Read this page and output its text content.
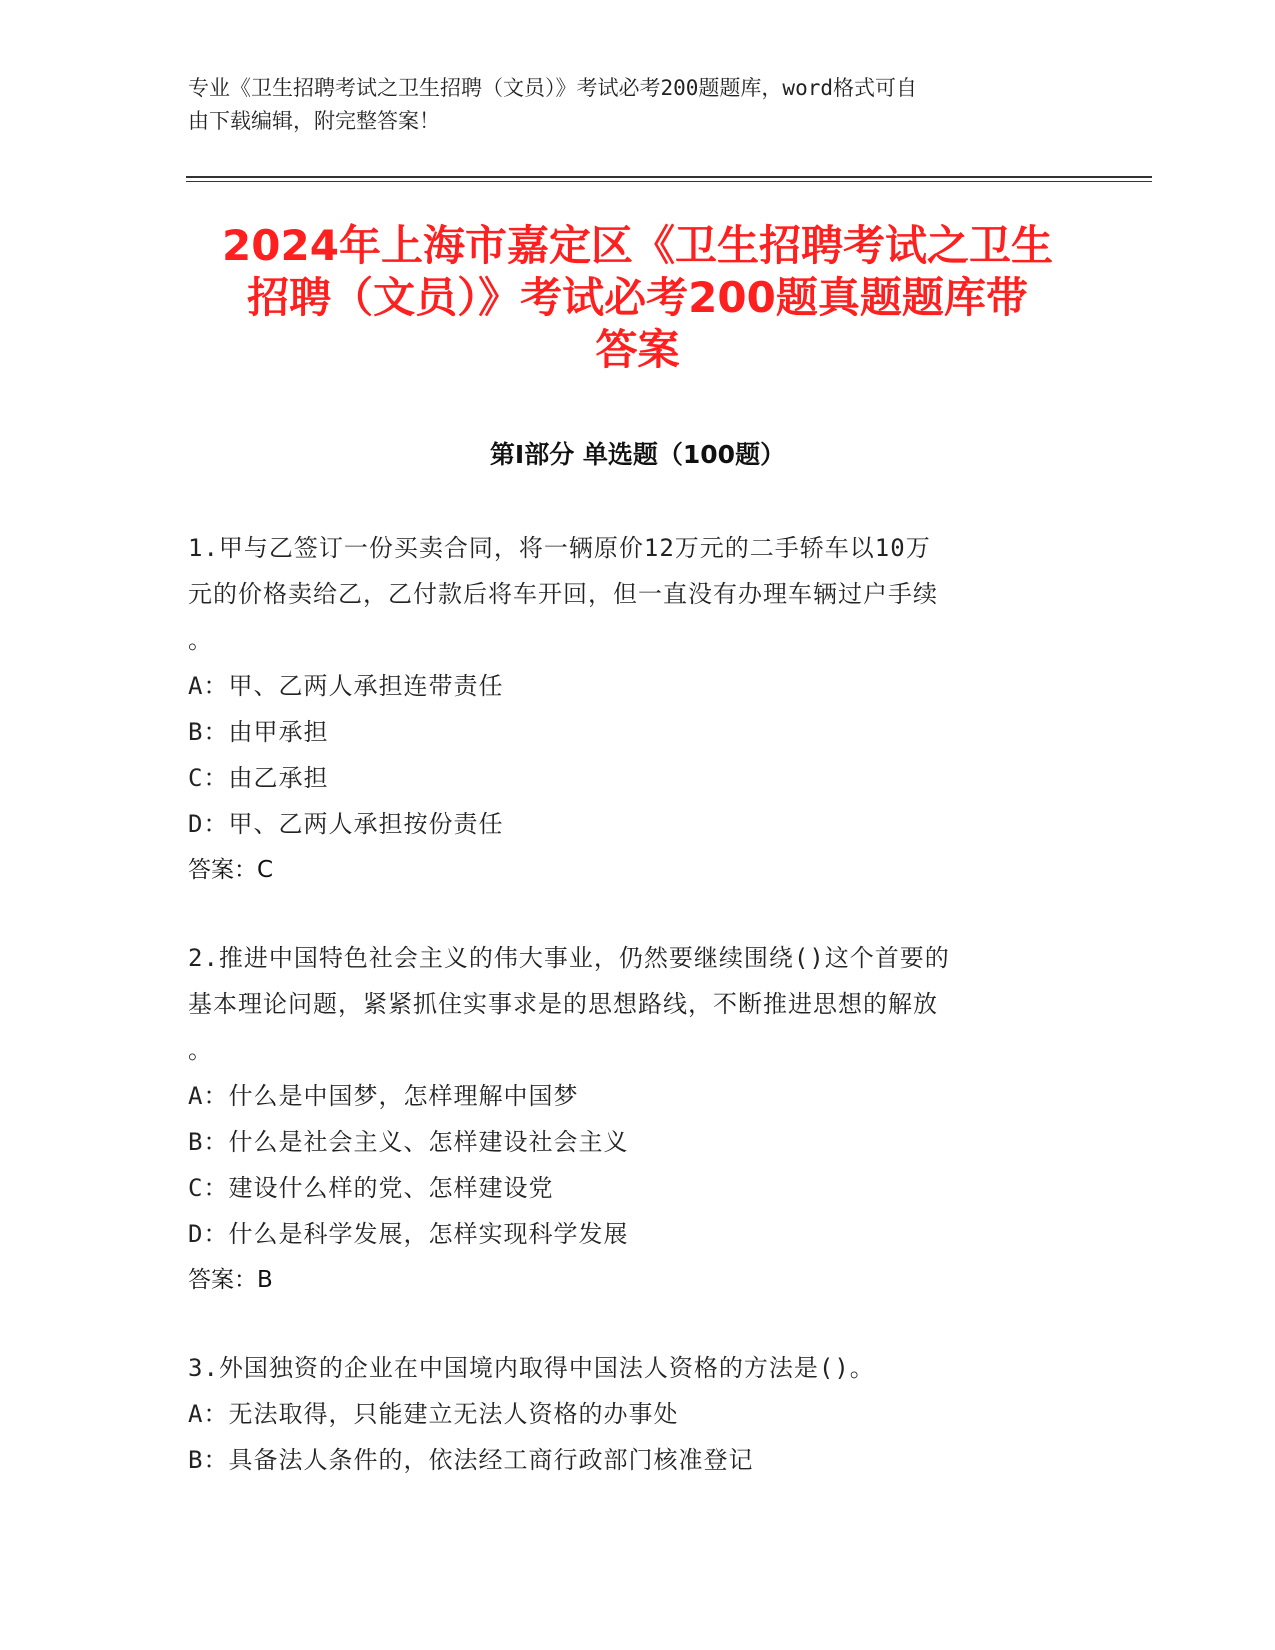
专业《卫生招聘考试之卫生招聘（文员）》考试必考200题题库，word格式可自
由下载编辑，附完整答案！
2024年上海市嘉定区《卫生招聘考试之卫生
招聘（文员）》考试必考200题真题题库带
答案
第Ⅰ部分 单选题（100题）
1.甲与乙签订一份买卖合同，将一辆原价12万元的二手轿车以10万
元的价格卖给乙，乙付款后将车开回，但一直没有办理车辆过户手续
。
A：甲、乙两人承担连带责任
B：由甲承担
C：由乙承担
D：甲、乙两人承担按份责任
答案：C
2.推进中国特色社会主义的伟大事业，仍然要继续围绕()这个首要的
基本理论问题，紧紧抓住实事求是的思想路线，不断推进思想的解放
。
A：什么是中国梦，怎样理解中国梦
B：什么是社会主义、怎样建设社会主义
C：建设什么样的党、怎样建设党
D：什么是科学发展，怎样实现科学发展
答案：B
3.外国独资的企业在中国境内取得中国法人资格的方法是()。
A：无法取得，只能建立无法人资格的办事处
B：具备法人条件的，依法经工商行政部门核准登记
